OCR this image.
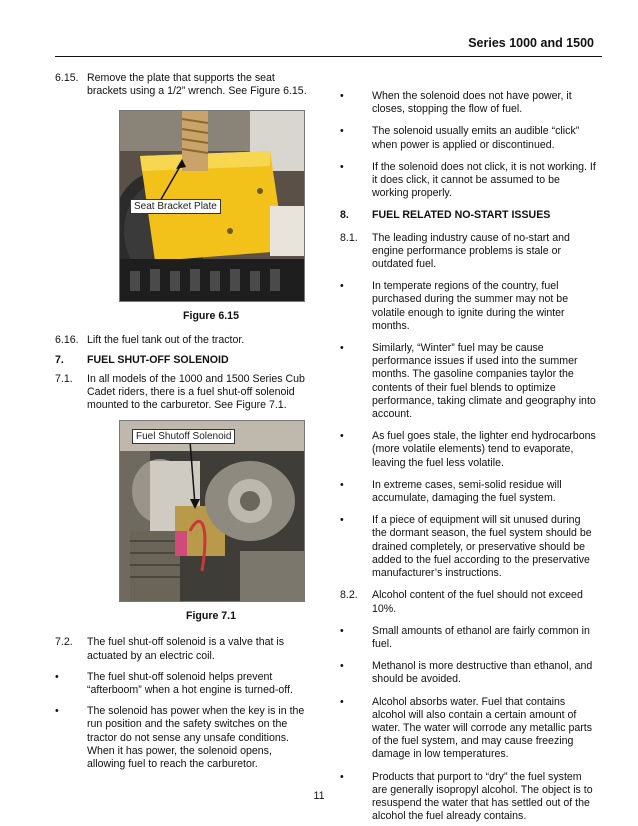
Series 1000 and 1500
6.15. Remove the plate that supports the seat brackets using a 1/2” wrench. See Figure 6.15.
Seat Bracket Plate
Figure 6.15
6.16. Lift the fuel tank out of the tractor.
7.	FUEL SHUT-OFF SOLENOID
7.1.	In all models of the 1000 and 1500 Series Cub Cadet riders, there is a fuel shut-off solenoid mounted to the carburetor. See Figure 7.1.
Fuel Shutoff Solenoid
Figure 7.1
7.2.	The fuel shut-off solenoid is a valve that is actuated by an electric coil.
•	The fuel shut-off solenoid helps prevent “afterboom” when a hot engine is turned-off.
•	The solenoid has power when the key is in the run position and the safety switches on the tractor do not sense any unsafe conditions. When it has power, the solenoid opens, allowing fuel to reach the carburetor.
•	When the solenoid does not have power, it closes, stopping the flow of fuel.
•	The solenoid usually emits an audible “click” when power is applied or discontinued.
•	If the solenoid does not click, it is not working. If it does click, it cannot be assumed to be working properly.
8.	FUEL RELATED NO-START ISSUES
8.1.	The leading industry cause of no-start and engine performance problems is stale or outdated fuel.
•	In temperate regions of the country, fuel purchased during the summer may not be volatile enough to ignite during the winter months.
•	Similarly, “Winter” fuel may be cause performance issues if used into the summer months. The gasoline companies taylor the contents of their fuel blends to optimize performance, taking climate and geography into account.
•	As fuel goes stale, the lighter end hydrocarbons (more volatile elements) tend to evaporate, leaving the fuel less volatile.
•	In extreme cases, semi-solid residue will accumulate, damaging the fuel system.
•	If a piece of equipment will sit unused during the dormant season, the fuel system should be drained completely, or preservative should be added to the fuel according to the preservative manufacturer’s instructions.
8.2.	Alcohol content of the fuel should not exceed 10%.
•	Small amounts of ethanol are fairly common in fuel.
•	Methanol is more destructive than ethanol, and should be avoided.
•	Alcohol absorbs water. Fuel that contains alcohol will also contain a certain amount of water. The water will corrode any metallic parts of the fuel system, and may cause freezing damage in low temperatures.
•	Products that purport to “dry” the fuel system are generally isopropyl alcohol. The object is to resuspend the water that has settled out of the alcohol the fuel already contains.
11
